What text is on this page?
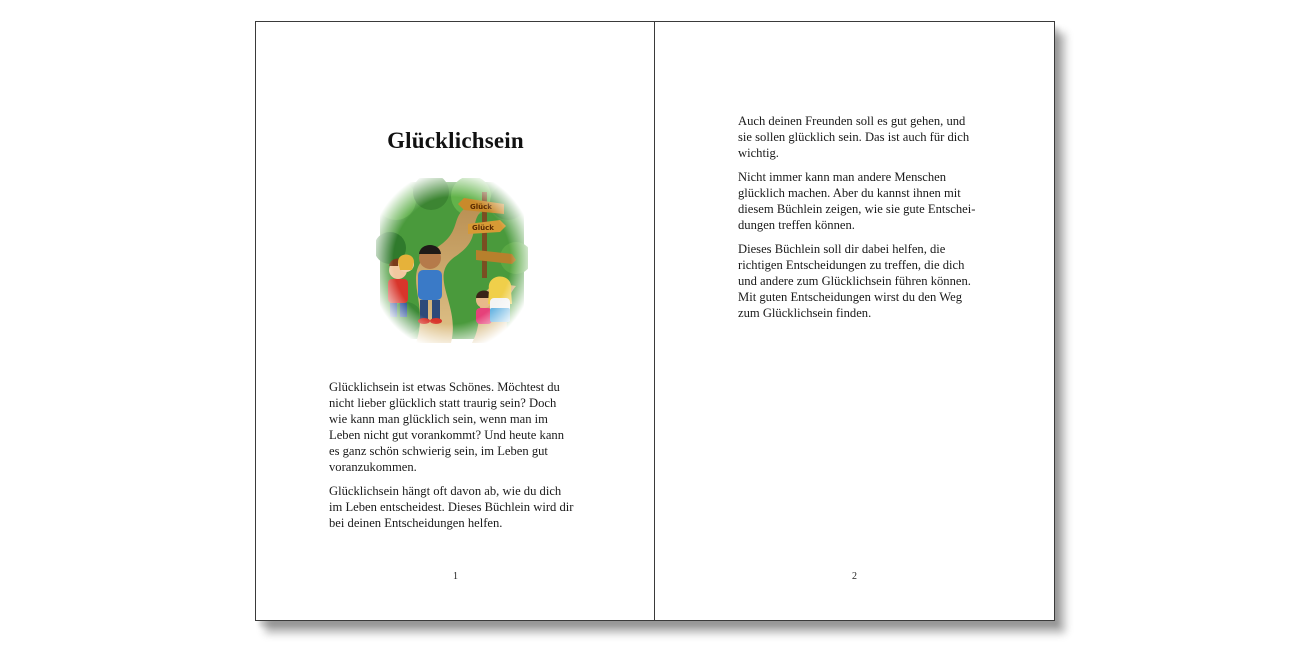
Glücklichsein

Glücklichsein ist etwas Schönes. Möchtest du
nicht lieber glücklich statt traurig sein? Doch
wie kann man glücklich sein, wenn man im
Leben nicht gut vorankommt? Und heute kann
es ganz schön schwierig sein, im Leben gut
voranzukommen.

Glücklichsein hängt oft davon ab, wie du dich
im Leben entscheidest. Dieses Büchlein wird dir
bei deinen Entscheidungen helfen.

1

Auch deinen Freunden soll es gut gehen, und
sie sollen glücklich sein. Das ist auch für dich
wichtig.

Nicht immer kann man andere Menschen
glücklich machen. Aber du kannst ihnen mit
diesem Büchlein zeigen, wie sie gute Entschei-
dungen treffen können.

Dieses Büchlein soll dir dabei helfen, die
richtigen Entscheidungen zu treffen, die dich
und andere zum Glücklichsein führen können.
Mit guten Entscheidungen wirst du den Weg
zum Glücklichsein finden.

2
